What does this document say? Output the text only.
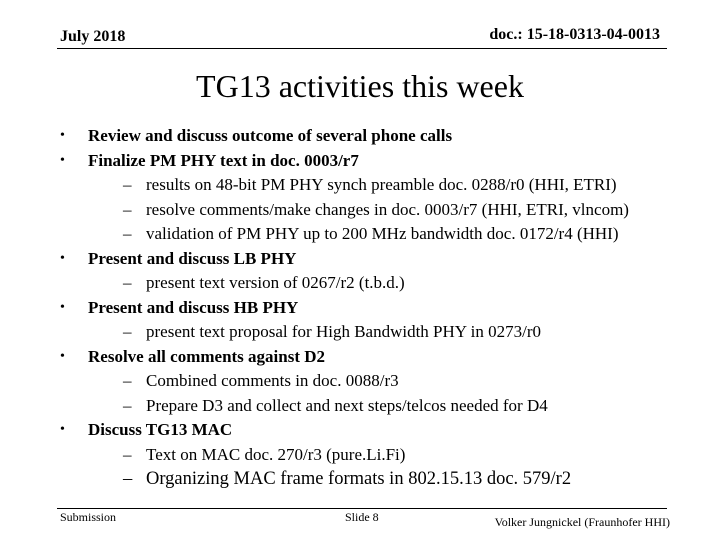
July 2018	doc.: 15-18-0313-04-0013
TG13 activities this week
• Review and discuss outcome of several phone calls
• Finalize PM PHY text in doc. 0003/r7
– results on 48-bit PM PHY synch preamble doc. 0288/r0 (HHI, ETRI)
– resolve comments/make changes in doc. 0003/r7 (HHI, ETRI, vlncom)
– validation of PM PHY up to 200 MHz bandwidth doc. 0172/r4 (HHI)
• Present and discuss LB PHY
– present text version of 0267/r2 (t.b.d.)
• Present and discuss HB PHY
– present text proposal for High Bandwidth PHY in 0273/r0
• Resolve all comments against D2
– Combined comments in doc. 0088/r3
– Prepare D3 and collect and next steps/telcos needed for D4
• Discuss TG13 MAC
– Text on MAC doc. 270/r3 (pure.Li.Fi)
– Organizing MAC frame formats in 802.15.13 doc. 579/r2
Submission	Slide 8	Volker Jungnickel (Fraunhofer HHI)
